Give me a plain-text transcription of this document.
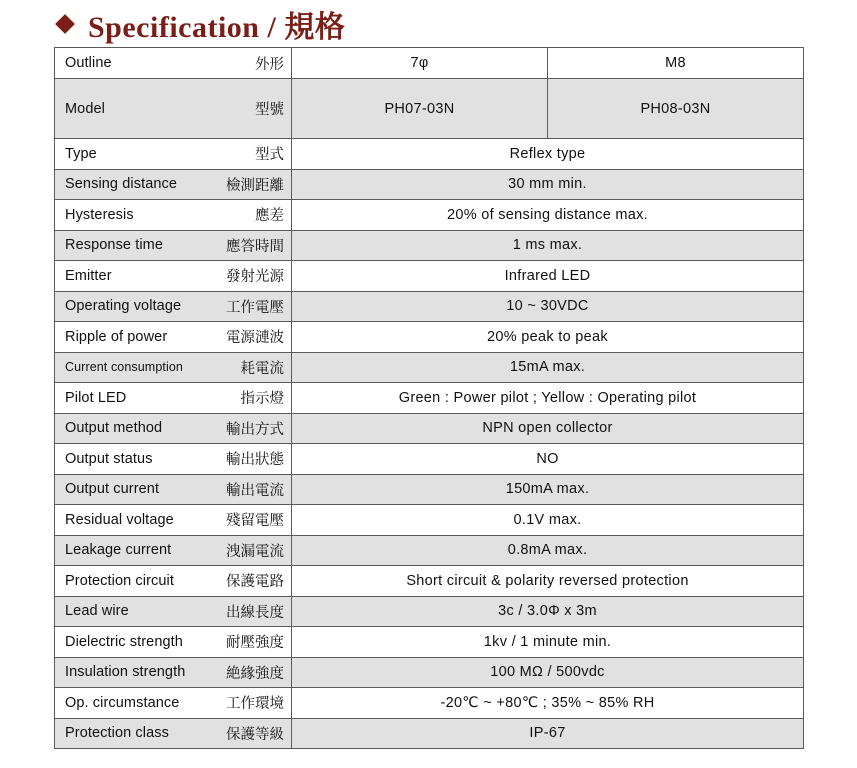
Specification / 規格
Outline 外形	7φ	M8

Model 型號	PH07-03N	PH08-03N

Type 型式	Reflex type	

Sensing distance 檢測距離	30 mm min.	

Hysteresis 應差	20% of sensing distance max.	

Response time 應答時間	1 ms max.	

Emitter 發射光源	Infrared LED	

Operating voltage 工作電壓	10 ~ 30VDC	

Ripple of power 電源漣波	20% peak to peak	

Current consumption 耗電流	15mA max.	

Pilot LED 指示燈	Green : Power pilot ; Yellow : Operating pilot	

Output method 輸出方式	NPN open collector	

Output status 輸出狀態	NO	

Output current 輸出電流	150mA max.	

Residual voltage 殘留電壓	0.1V max.	

Leakage current 洩漏電流	0.8mA max.	

Protection circuit 保護電路	Short circuit & polarity reversed protection	

Lead wire 出線長度	3c / 3.0Φ x 3m	

Dielectric strength 耐壓強度	1kv / 1 minute min.	

Insulation strength 絶緣強度	100 MΩ / 500vdc	

Op. circumstance 工作環境	-20℃ ~ +80℃ ; 35% ~ 85% RH	

Protection class 保護等級	IP-67	
